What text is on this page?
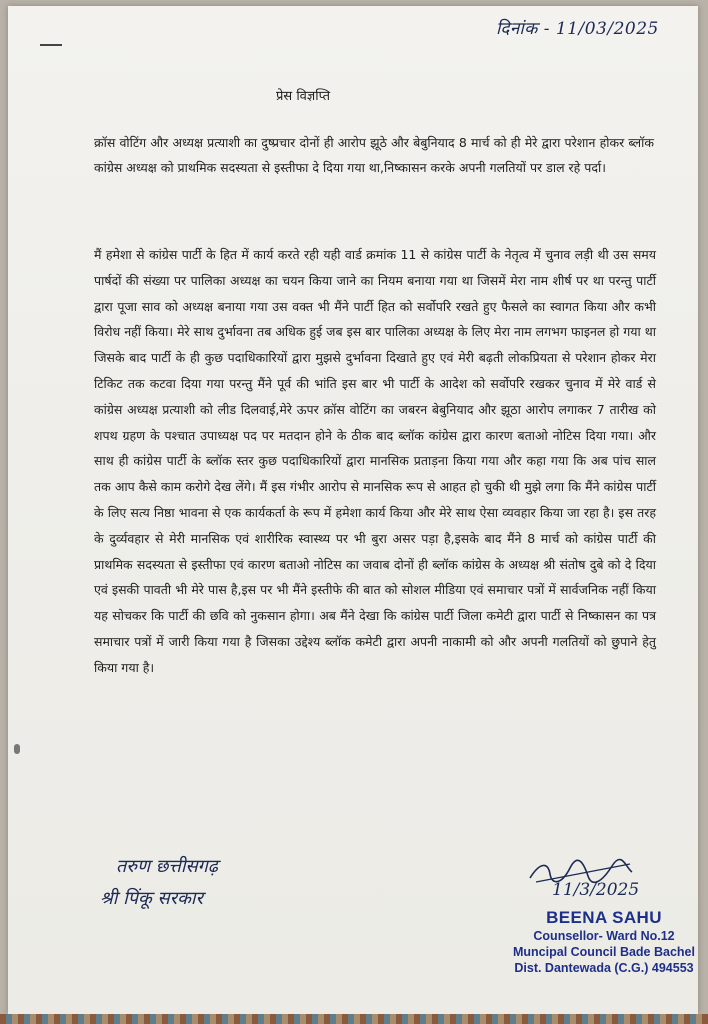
दिनांक - 11/03/2025
प्रेस विज्ञप्ति

क्रॉस वोटिंग और अध्यक्ष प्रत्याशी का दुष्प्रचार दोनों ही आरोप झूठे और बेबुनियाद 8 मार्च को ही मेरे द्वारा परेशान होकर ब्लॉक कांग्रेस अध्यक्ष को प्राथमिक सदस्यता से इस्तीफा दे दिया गया था,निष्कासन करके अपनी गलतियों पर डाल रहे पर्दा।

मैं हमेशा से कांग्रेस पार्टी के हित में कार्य करते रही यही वार्ड क्रमांक 11 से कांग्रेस पार्टी के नेतृत्व में चुनाव लड़ी थी उस समय पार्षदों की संख्या पर पालिका अध्यक्ष का चयन किया जाने का नियम बनाया गया था जिसमें मेरा नाम शीर्ष पर था परन्तु पार्टी द्वारा पूजा साव को अध्यक्ष बनाया गया उस वक्त भी मैंने पार्टी हित को सर्वोपरि रखते हुए फैसले का स्वागत किया और कभी विरोध नहीं किया। मेरे साथ दुर्भावना तब अधिक हुई जब इस बार पालिका अध्यक्ष के लिए मेरा नाम लगभग फाइनल हो गया था जिसके बाद पार्टी के ही कुछ पदाधिकारियों द्वारा मुझसे दुर्भावना दिखाते हुए एवं मेरी बढ़ती लोकप्रियता से परेशान होकर मेरा टिकिट तक कटवा दिया गया परन्तु मैंने पूर्व की भांति इस बार भी पार्टी के आदेश को सर्वोपरि रखकर चुनाव में मेरे वार्ड से कांग्रेस अध्यक्ष प्रत्याशी को लीड दिलवाई,मेरे ऊपर क्रॉस वोटिंग का जबरन बेबुनियाद और झूठा आरोप लगाकर 7 तारीख को शपथ ग्रहण के पश्चात उपाध्यक्ष पद पर मतदान होने के ठीक बाद ब्लॉक कांग्रेस द्वारा कारण बताओ नोटिस दिया गया। और साथ ही कांग्रेस पार्टी के ब्लॉक स्तर कुछ पदाधिकारियों द्वारा मानसिक प्रताड़ना किया गया और कहा गया कि अब पांच साल तक आप कैसे काम करोगे देख लेंगे। मैं इस गंभीर आरोप से मानसिक रूप से आहत हो चुकी थी मुझे लगा कि मैंने कांग्रेस पार्टी के लिए सत्य निष्ठा भावना से एक कार्यकर्ता के रूप में हमेशा कार्य किया और मेरे साथ ऐसा व्यवहार किया जा रहा है। इस तरह के दुर्व्यवहार से मेरी मानसिक एवं शारीरिक स्वास्थ्य पर भी बुरा असर पड़ा है,इसके बाद मैंने 8 मार्च को कांग्रेस पार्टी की प्राथमिक सदस्यता से इस्तीफा एवं कारण बताओ नोटिस का जवाब दोनों ही ब्लॉक कांग्रेस के अध्यक्ष श्री संतोष दुबे को दे दिया एवं इसकी पावती भी मेरे पास है,इस पर भी मैंने इस्तीफे की बात को सोशल मीडिया एवं समाचार पत्रों में सार्वजनिक नहीं किया यह सोचकर कि पार्टी की छवि को नुकसान होगा। अब मैंने देखा कि कांग्रेस पार्टी जिला कमेटी द्वारा पार्टी से निष्कासन का पत्र समाचार पत्रों में जारी किया गया है जिसका उद्देश्य ब्लॉक कमेटी द्वारा अपनी नाकामी को और अपनी गलतियों को छुपाने हेतु किया गया है।

तरुण छत्तीसगढ़
श्री पिंकू सरकार	11/3/2025
BEENA SAHU
Counsellor- Ward No.12
Muncipal Council Bade Bachel
Dist. Dantewada (C.G.) 494553
